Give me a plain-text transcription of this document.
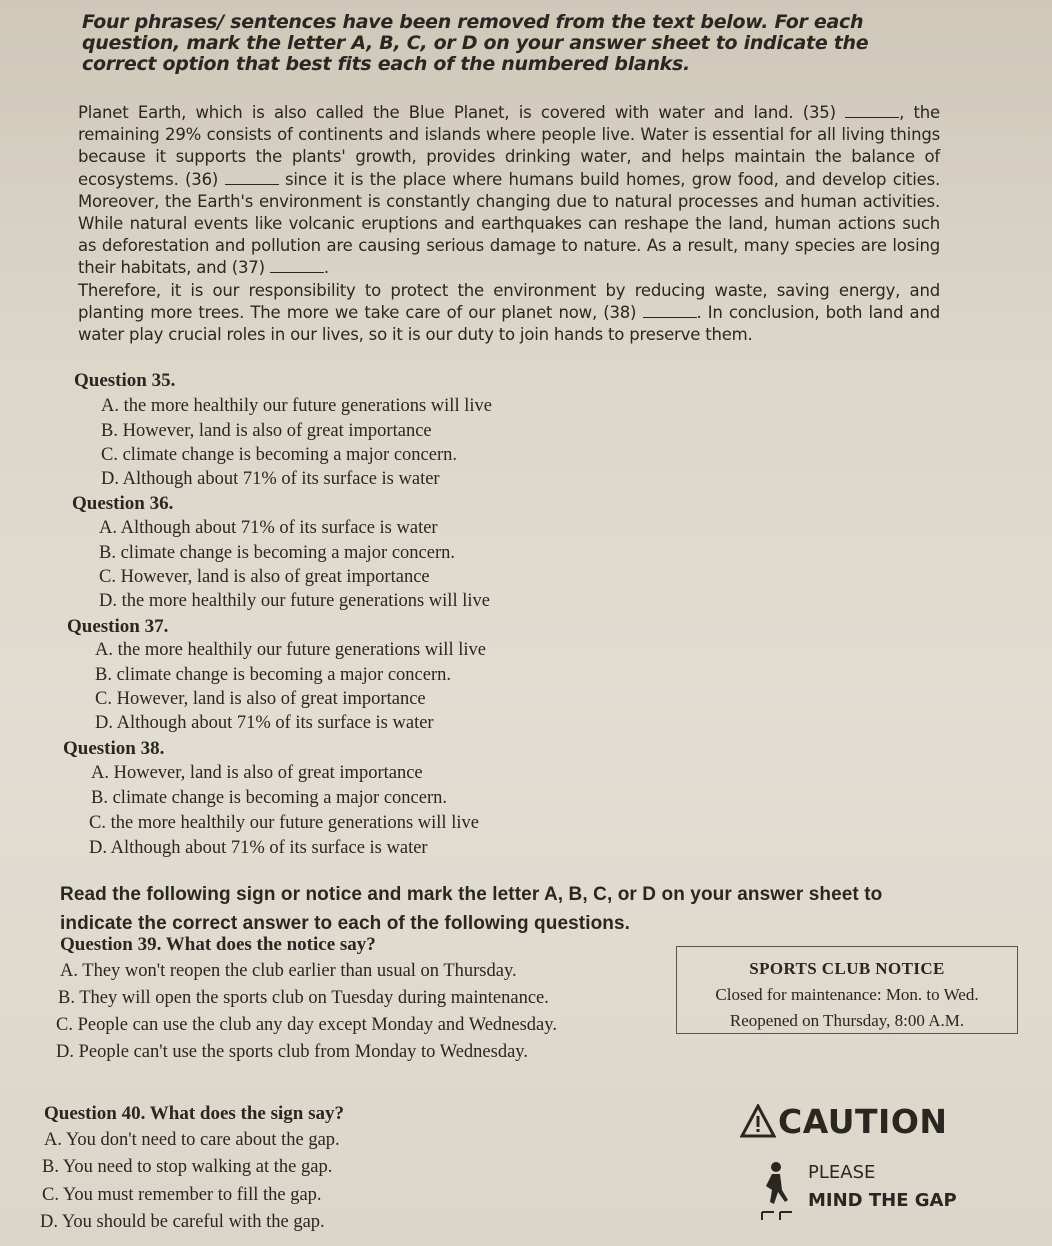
Four phrases/ sentences have been removed from the text below. For each question, mark the letter A, B, C, or D on your answer sheet to indicate the correct option that best fits each of the numbered blanks.

Planet Earth, which is also called the Blue Planet, is covered with water and land. (35)	, the remaining 29% consists of continents and islands where people live. Water is essential for all living things because it supports the plants' growth, provides drinking water, and helps maintain the balance of ecosystems. (36)	since it is the place where humans build homes, grow food, and develop cities. Moreover, the Earth's environment is constantly changing due to natural processes and human activities. While natural events like volcanic eruptions and earthquakes can reshape the land, human actions such as deforestation and pollution are causing serious damage to nature. As a result, many species are losing their habitats, and (37)	.

Therefore, it is our responsibility to protect the environment by reducing waste, saving energy, and planting more trees. The more we take care of our planet now, (38)	. In conclusion, both land and water play crucial roles in our lives, so it is our duty to join hands to preserve them.

Question 35.
A. the more healthily our future generations will live
B. However, land is also of great importance
C. climate change is becoming a major concern.
D. Although about 71% of its surface is water
Question 36.
A. Although about 71% of its surface is water
B. climate change is becoming a major concern.
C. However, land is also of great importance
D. the more healthily our future generations will live
Question 37.
A. the more healthily our future generations will live
B. climate change is becoming a major concern.
C. However, land is also of great importance
D. Although about 71% of its surface is water
Question 38.
A. However, land is also of great importance
B. climate change is becoming a major concern.
C. the more healthily our future generations will live
D. Although about 71% of its surface is water
Read the following sign or notice and mark the letter A, B, C, or D on your answer sheet to indicate the correct answer to each of the following questions.
Question 39. What does the notice say?
A. They won't reopen the club earlier than usual on Thursday.
B. They will open the sports club on Tuesday during maintenance.
C. People can use the club any day except Monday and Wednesday.
D. People can't use the sports club from Monday to Wednesday.
SPORTS CLUB NOTICE
Closed for maintenance: Mon. to Wed.
Reopened on Thursday, 8:00 A.M.
Question 40. What does the sign say?
A. You don't need to care about the gap.
B. You need to stop walking at the gap.
C. You must remember to fill the gap.
D. You should be careful with the gap.
CAUTION
PLEASE
MIND THE GAP
